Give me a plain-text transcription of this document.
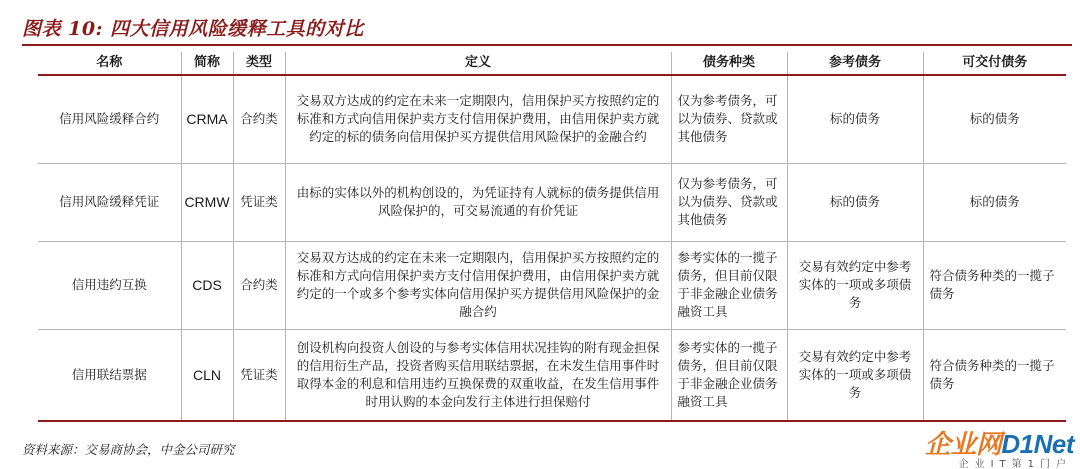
图表 10: 四大信用风险缓释工具的对比
名称	简称	类型	定义	债务种类	参考债务	可交付债务
信用风险缓释合约	CRMA	合约类	交易双方达成的约定在未来一定期限内，信用保护买方按照约定的标准和方式向信用保护卖方支付信用保护费用，由信用保护卖方就约定的标的债务向信用保护买方提供信用风险保护的金融合约	仅为参考债务，可以为债券、贷款或其他债务	标的债务	标的债务
信用风险缓释凭证	CRMW	凭证类	由标的实体以外的机构创设的，为凭证持有人就标的债务提供信用风险保护的，可交易流通的有价凭证	仅为参考债务，可以为债券、贷款或其他债务	标的债务	标的债务
信用违约互换	CDS	合约类	交易双方达成的约定在未来一定期限内，信用保护买方按照约定的标准和方式向信用保护卖方支付信用保护费用，由信用保护卖方就约定的一个或多个参考实体向信用保护买方提供信用风险保护的金融合约	参考实体的一揽子债务，但目前仅限于非金融企业债务融资工具	交易有效约定中参考实体的一项或多项债务	符合债务种类的一揽子债务
信用联结票据	CLN	凭证类	创设机构向投资人创设的与参考实体信用状况挂钩的附有现金担保的信用衍生产品，投资者购买信用联结票据，在未发生信用事件时取得本金的利息和信用违约互换保费的双重收益，在发生信用事件时用认购的本金向发行主体进行担保赔付	参考实体的一揽子债务，但目前仅限于非金融企业债务融资工具	交易有效约定中参考实体的一项或多项债务	符合债务种类的一揽子债务
资料来源：交易商协会，中金公司研究	企业网D1Net
企业IT第1门户
